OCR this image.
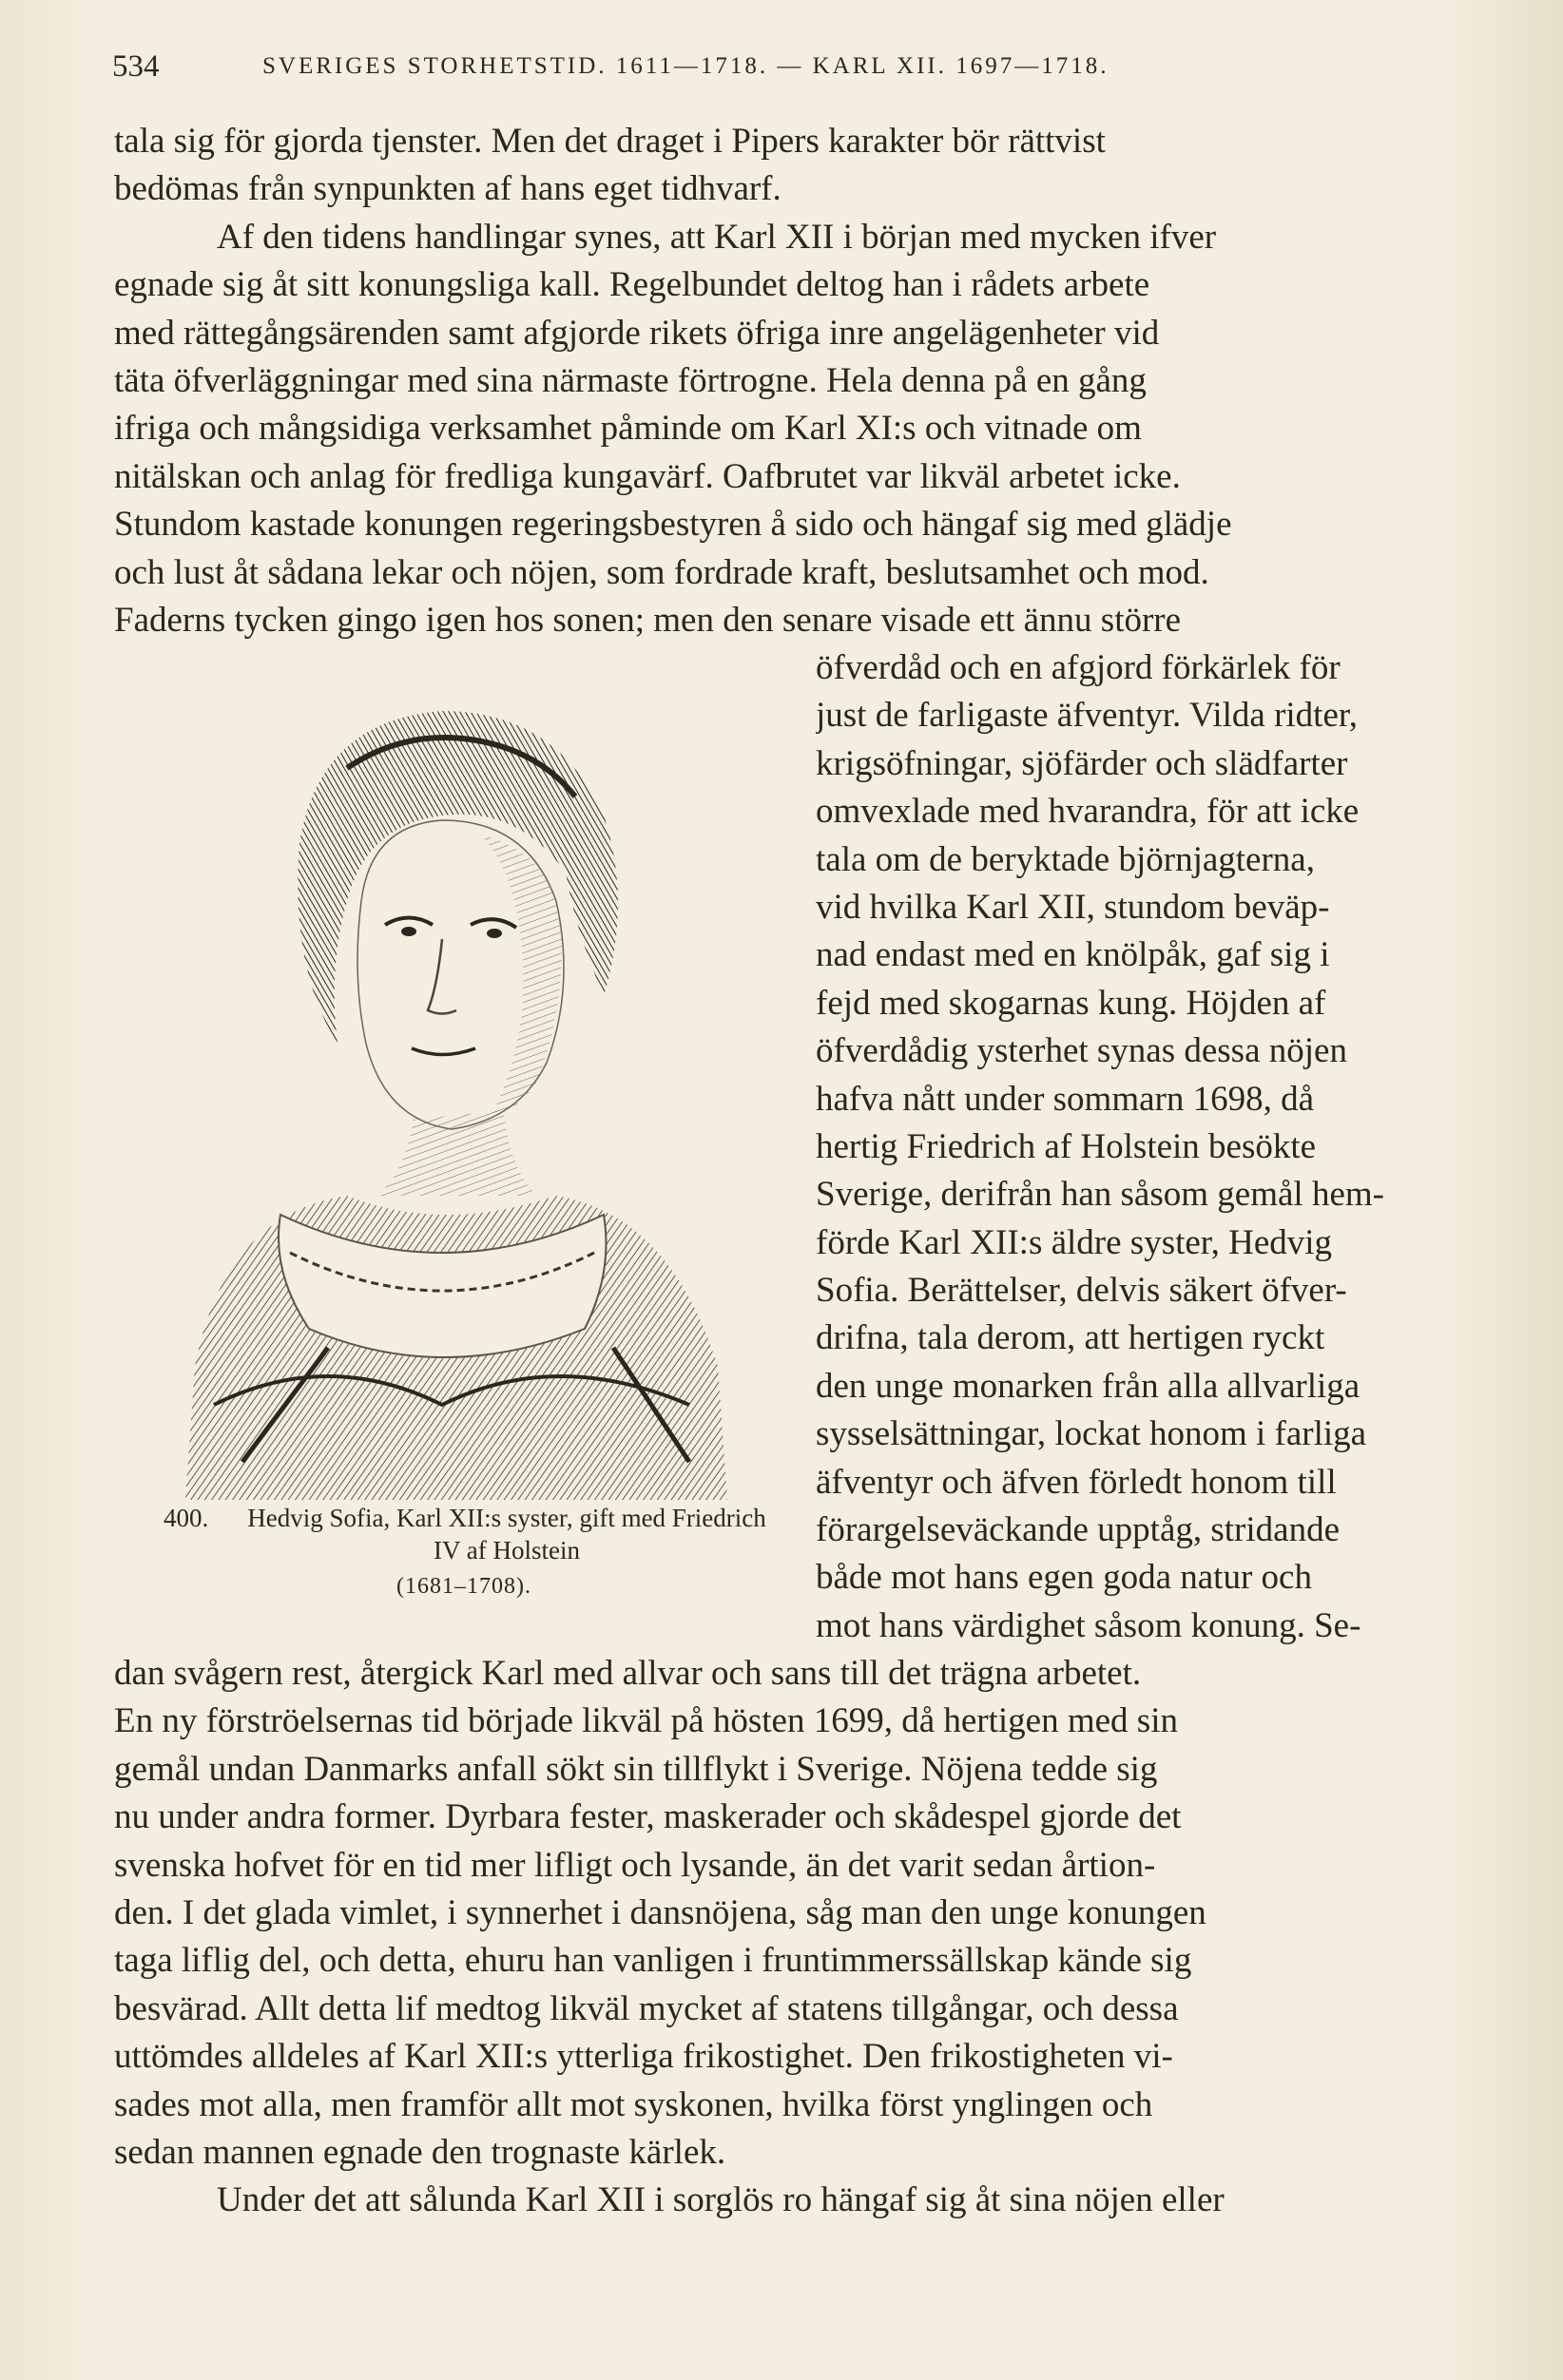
534	SVERIGES STORHETSTID. 1611—1718. — KARL XII. 1697—1718.
tala sig för gjorda tjenster. Men det draget i Pipers karakter bör rättvist
bedömas från synpunkten af hans eget tidhvarf.
Af den tidens handlingar synes, att Karl XII i början med mycken ifver
egnade sig åt sitt konungsliga kall. Regelbundet deltog han i rådets arbete
med rättegångsärenden samt afgjorde rikets öfriga inre angelägenheter vid
täta öfverläggningar med sina närmaste förtrogne. Hela denna på en gång
ifriga och mångsidiga verksamhet påminde om Karl XI:s och vitnade om
nitälskan och anlag för fredliga kungavärf. Oafbrutet var likväl arbetet icke.
Stundom kastade konungen regeringsbestyren å sido och hängaf sig med glädje
och lust åt sådana lekar och nöjen, som fordrade kraft, beslutsamhet och mod.
Faderns tycken gingo igen hos sonen; men den senare visade ett ännu större
400.	Hedvig Sofia, Karl XII:s syster, gift med Friedrich IV af Holstein
(1681–1708).
öfverdåd och en afgjord förkärlek för
just de farligaste äfventyr. Vilda ridter,
krigsöfningar, sjöfärder och slädfarter
omvexlade med hvarandra, för att icke
tala om de beryktade björnjagterna,
vid hvilka Karl XII, stundom beväp-
nad endast med en knölpåk, gaf sig i
fejd med skogarnas kung. Höjden af
öfverdådig ysterhet synas dessa nöjen
hafva nått under sommarn 1698, då
hertig Friedrich af Holstein besökte
Sverige, derifrån han såsom gemål hem-
förde Karl XII:s äldre syster, Hedvig
Sofia. Berättelser, delvis säkert öfver-
drifna, tala derom, att hertigen ryckt
den unge monarken från alla allvarliga
sysselsättningar, lockat honom i farliga
äfventyr och äfven förledt honom till
förargelseväckande upptåg, stridande
både mot hans egen goda natur och
mot hans värdighet såsom konung. Se-
dan svågern rest, återgick Karl med allvar och sans till det trägna arbetet.
En ny förströelsernas tid började likväl på hösten 1699, då hertigen med sin
gemål undan Danmarks anfall sökt sin tillflykt i Sverige. Nöjena tedde sig
nu under andra former. Dyrbara fester, maskerader och skådespel gjorde det
svenska hofvet för en tid mer lifligt och lysande, än det varit sedan årtion-
den. I det glada vimlet, i synnerhet i dansnöjena, såg man den unge konungen
taga liflig del, och detta, ehuru han vanligen i fruntimmerssällskap kände sig
besvärad. Allt detta lif medtog likväl mycket af statens tillgångar, och dessa
uttömdes alldeles af Karl XII:s ytterliga frikostighet. Den frikostigheten vi-
sades mot alla, men framför allt mot syskonen, hvilka först ynglingen och
sedan mannen egnade den trognaste kärlek.
Under det att sålunda Karl XII i sorglös ro hängaf sig åt sina nöjen eller
